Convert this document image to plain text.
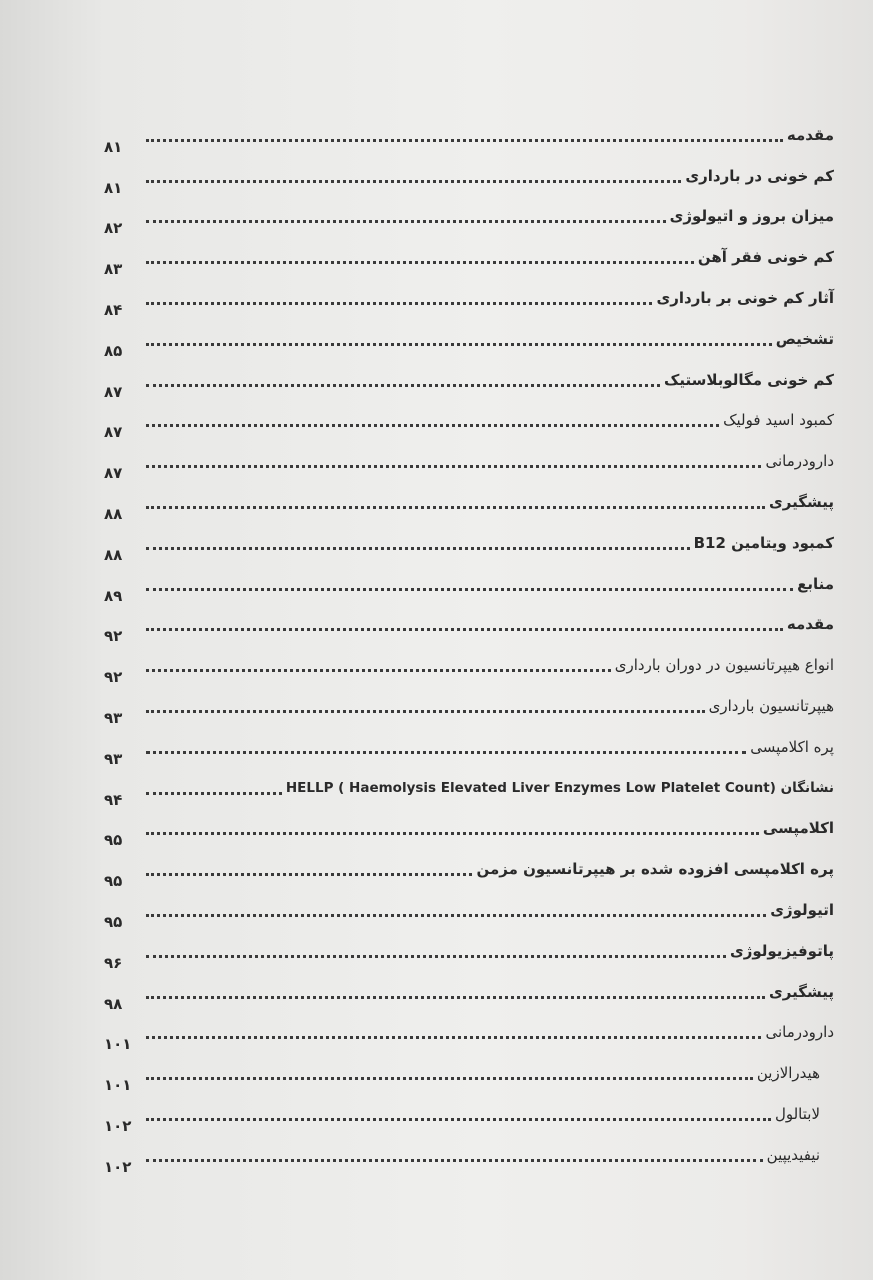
مقدمه
۸۱
کم خونی در بارداری
۸۱
میزان بروز و اتیولوژی
۸۲
کم خونی فقر آهن
۸۳
آثار کم خونی بر بارداری
۸۴
تشخیص
۸۵
کم خونی مگالوبلاستیک
۸۷
کمبود اسید فولیک
۸۷
دارودرمانی
۸۷
پیشگیری
۸۸
کمبود ویتامین B12
۸۸
منابع
۸۹
مقدمه
۹۲
انواع هیپرتانسیون در دوران بارداری
۹۲
هیپرتانسیون بارداری
۹۳
پره اکلامپسی
۹۳
نشانگان HELLP ( Haemolysis Elevated Liver Enzymes Low Platelet Count)
۹۴
اکلامپسی
۹۵
پره اکلامپسی افزوده شده بر هیپرتانسیون مزمن
۹۵
اتیولوژی
۹۵
پاتوفیزیولوژی
۹۶
پیشگیری
۹۸
دارودرمانی
۱۰۱
هیدرالازین
۱۰۱
لابتالول
۱۰۲
نیفیدیپین
۱۰۲
